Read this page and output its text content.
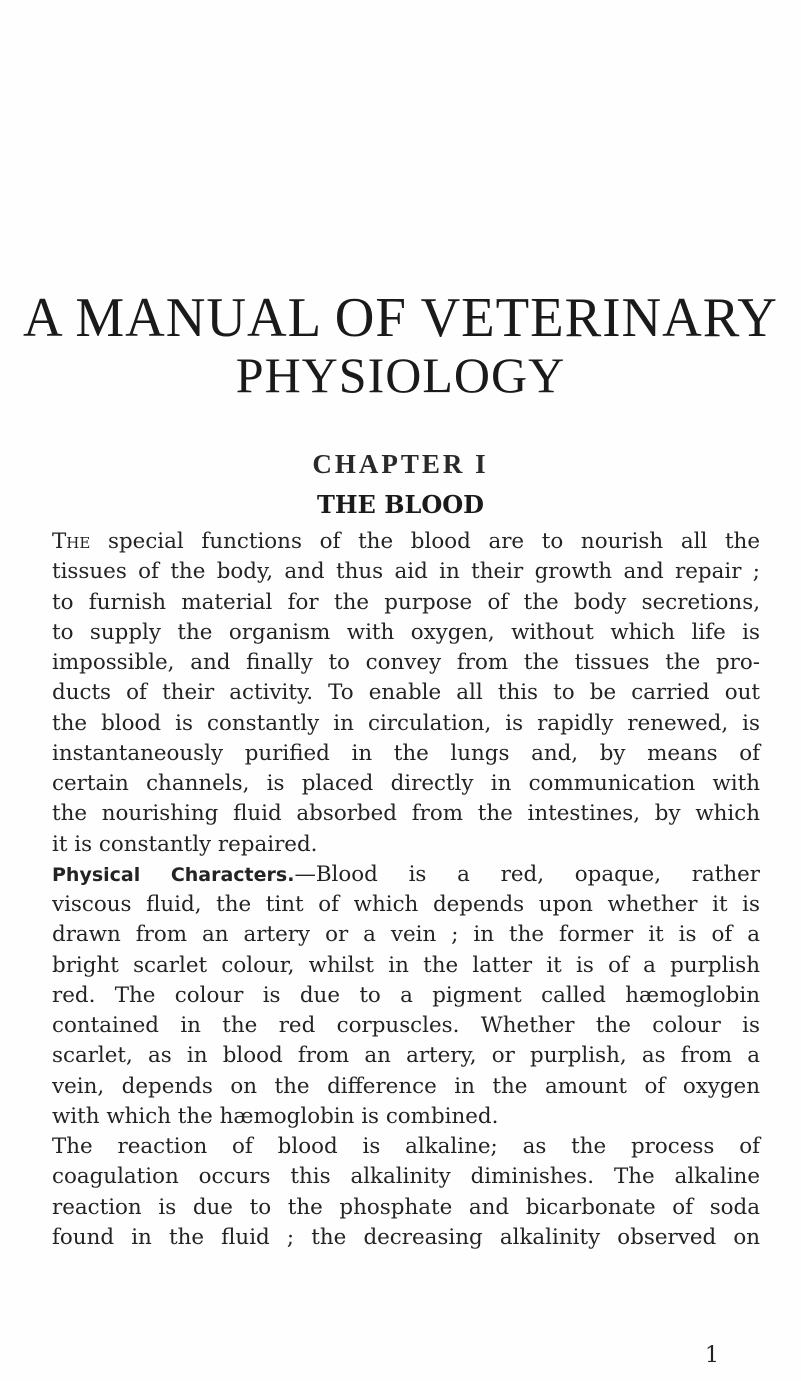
A MANUAL OF VETERINARY
PHYSIOLOGY
CHAPTER I
THE BLOOD
The special functions of the blood are to nourish all the
tissues of the body, and thus aid in their growth and repair ;
to furnish material for the purpose of the body secretions,
to supply the organism with oxygen, without which life is
impossible, and finally to convey from the tissues the pro-
ducts of their activity. To enable all this to be carried out
the blood is constantly in circulation, is rapidly renewed, is
instantaneously purified in the lungs and, by means of
certain channels, is placed directly in communication with
the nourishing fluid absorbed from the intestines, by which
it is constantly repaired.
Physical Characters.—Blood is a red, opaque, rather
viscous fluid, the tint of which depends upon whether it is
drawn from an artery or a vein ; in the former it is of a
bright scarlet colour, whilst in the latter it is of a purplish
red. The colour is due to a pigment called hæmoglobin
contained in the red corpuscles. Whether the colour is
scarlet, as in blood from an artery, or purplish, as from a
vein, depends on the difference in the amount of oxygen
with which the hæmoglobin is combined.
The reaction of blood is alkaline; as the process of
coagulation occurs this alkalinity diminishes. The alkaline
reaction is due to the phosphate and bicarbonate of soda
found in the fluid ; the decreasing alkalinity observed on
1
